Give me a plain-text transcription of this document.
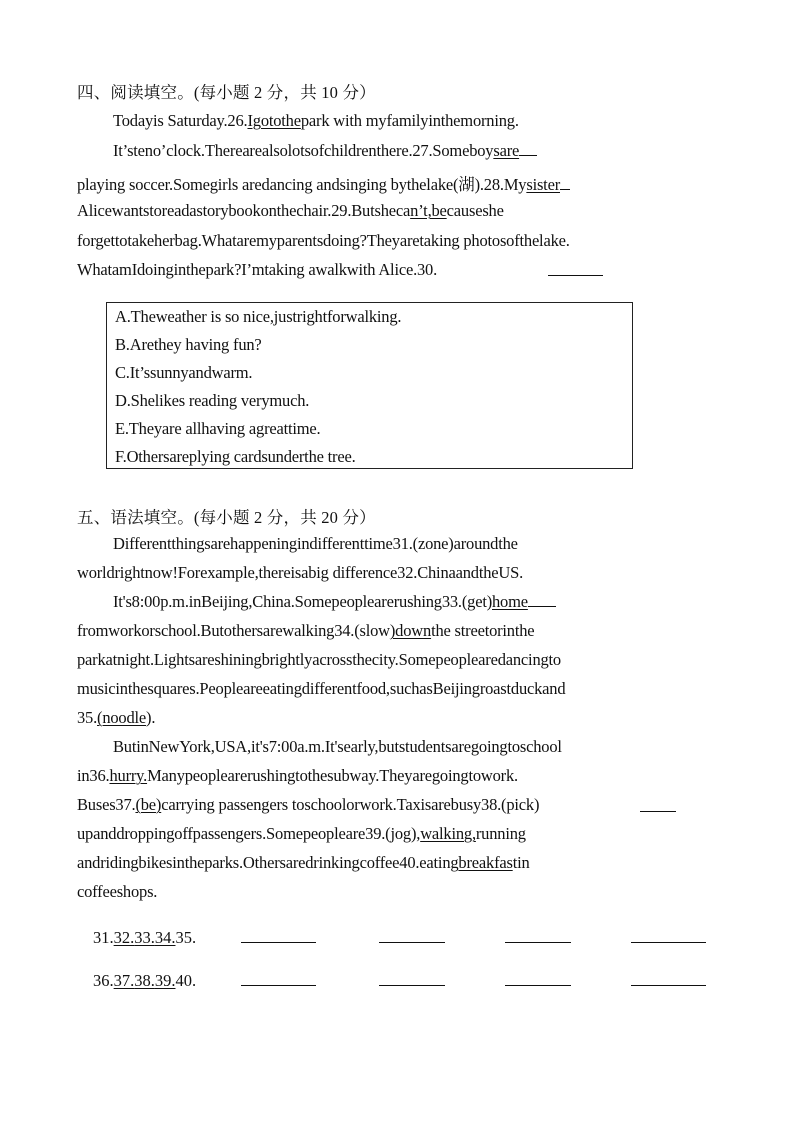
四、阅读填空。(每小题 2 分，共 10 分）
Todayis Saturday.26.Igotothepark with myfamilyinthemorning.
It’steno’clock.Therearealsolotsofchildrenthere.27.Someboysare
playing soccer.Somegirls aredancing andsinging bythelake(湖).28.Mysister
Alicewantstoreadastorybookonthechair.29.Butshecan’t,becauseshe
forgettotakeherbag.Whataremyparentsdoing?Theyaretaking photosofthelake.
WhatamIdoinginthepark?I’mtaking awalkwith Alice.30.
A.Theweather is so nice,justrightforwalking.
B.Arethey having fun?
C.It’ssunnyandwarm.
D.Shelikes reading verymuch.
E.Theyare allhaving agreattime.
F.Othersareplying cardsunderthe tree.
五、语法填空。(每小题 2 分，共 20 分）
Differentthingsarehappeningindifferenttime31.(zone)aroundthe
worldrightnow!Forexample,thereisabig difference32.ChinaandtheUS.
It's8:00p.m.inBeijing,China.Somepeoplearerushing33.(get)home
fromworkorschool.Butothersarewalking34.(slow)downthe streetorinthe
parkatnight.Lightsareshiningbrightlyacrossthecity.Somepeoplearedancingto
musicinthesquares.Peopleareeatingdifferentfood,suchasBeijingroastduckand
35.(noodle).
ButinNewYork,USA,it's7:00a.m.It'searly,butstudentsaregoingtoschool
in36.hurry.Manypeoplearerushingtothesubway.Theyaregoingtowork.
Buses37.(be)carrying passengers toschoolorwork.Taxisarebusy38.(pick)
upanddroppingoffpassengers.Somepeopleare39.(jog),walking,running
andridingbikesintheparks.Othersaredrinkingcoffee40.eatingbreakfastin
coffeeshops.
31.32.33.34.35.
36.37.38.39.40.
